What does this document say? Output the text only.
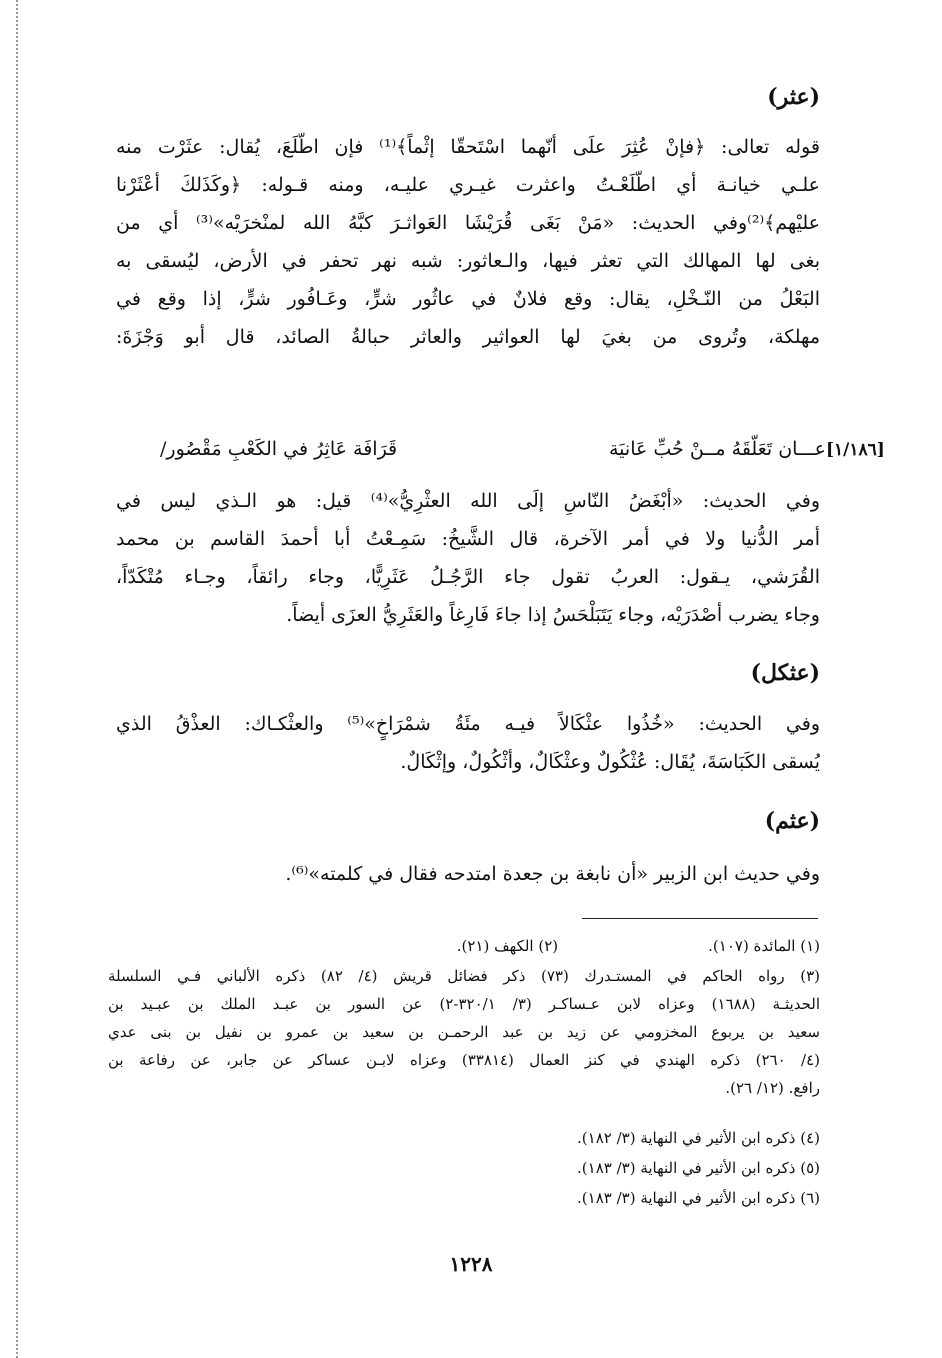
(عثر)
قوله تعالى: ﴿فإنْ عُثِرَ علَى أنّهما اسْتَحقّا إثْماً﴾⁽¹⁾ فإن اطّلَعَ، يُقال: عثَرْت منه
علـي خيانـة أي اطّلَعْـتُ واعثرت غيـري عليـه، ومنه قـوله: ﴿وكَذَلكَ أعْثَرْنا
عليْهم﴾⁽²⁾وفي الحديث: «مَنْ بَغَى قُرَيْشَا العَواثـرَ كبَّهُ الله لمنْخرَيْه»⁽³⁾ أي من
بغى لها المهالك التي تعثر فيها، والـعاثور: شبه نهر تحفر في الأرض، ليُسقى به
البَعْلُ من النّـخْلِ، يقال: وقع فلانٌ في عاثُور شرٍّ، وعَـافُور شرٍّ، إذا وقع في
مهلكة، وتُروى من بغيَ لها العواثير والعاثر حبالةُ الصائد، قال أبو وَجْزَةَ:
عـــان تَعَلّقَهُ مــنْ حُبِّ عَانيَة
قَرَافَة عَاثِرُ في الكَعْبِ مَقْصُور/	[١/١٨٦]
وفي الحديث: «أبْغَضُ النّاسِ إلَى الله العثْرِيُّ»⁽⁴⁾ قيل: هو الـذي ليس في
أمر الدُّنيا ولا في أمر الآخرة، قال الشَّيخُ: سَمِـعْتُ أبا أحمدَ القاسم بن محمد
القُرَشي، يـقول: العربُ تقول جاء الرَّجُـلُ عَثَرِيًّا، وجاء رائقاً، وجـاء مُتْكَدّاً،
وجاء يضرب أصْدَرَيْه، وجاء يَتَبَلْحَسُ إذا جاءَ فَارِغاً والعَثَرِيُّ العزَى أيضاً.
(عثكل)
وفي الحديث: «خُذُوا عثْكَالاً فيـه مئَةُ شمْرَاخٍ»⁽⁵⁾ والعثْكـاك: العذْقُ الذي
يُسقى الكَبَاسَةَ، يُقَال: عُثْكُولٌ وعثْكَالٌ، وأثْكُولٌ، وإثْكَالٌ.
(عثم)
وفي حديث ابن الزبير «أن نابغة بن جعدة امتدحه فقال في كلمته»⁽⁶⁾.
(١) المائدة (١٠٧).
(٢) الكهف (٢١).
(٣) رواه الحاكم في المستـدرك (٧٣) ذكر فضائل قريش (٤/ ٨٢) ذكره الألباني فـي السلسلة
الحديثـة (١٦٨٨) وعزاه لابن عـساكـر (٣/ ٣٢٠/١-٢) عن السور بن عبـد الملك بن عبـيد بن
سعيد بن يربوع المخزومي عن زيد بن عبد الرحمـن بن سعيد بن عمرو بن نفيل بن بنى عدي
(٤/ ٢٦٠) ذكره الهندي في كنز العمال (٣٣٨١٤) وعزاه لابـن عساكر عن جابر، عن رفاعة بن
رافع. (١٢/ ٢٦).
(٤) ذكره ابن الأثير في النهاية (٣/ ١٨٢).
(٥) ذكره ابن الأثير في النهاية (٣/ ١٨٣).
(٦) ذكره ابن الأثير في النهاية (٣/ ١٨٣).
١٢٢٨
